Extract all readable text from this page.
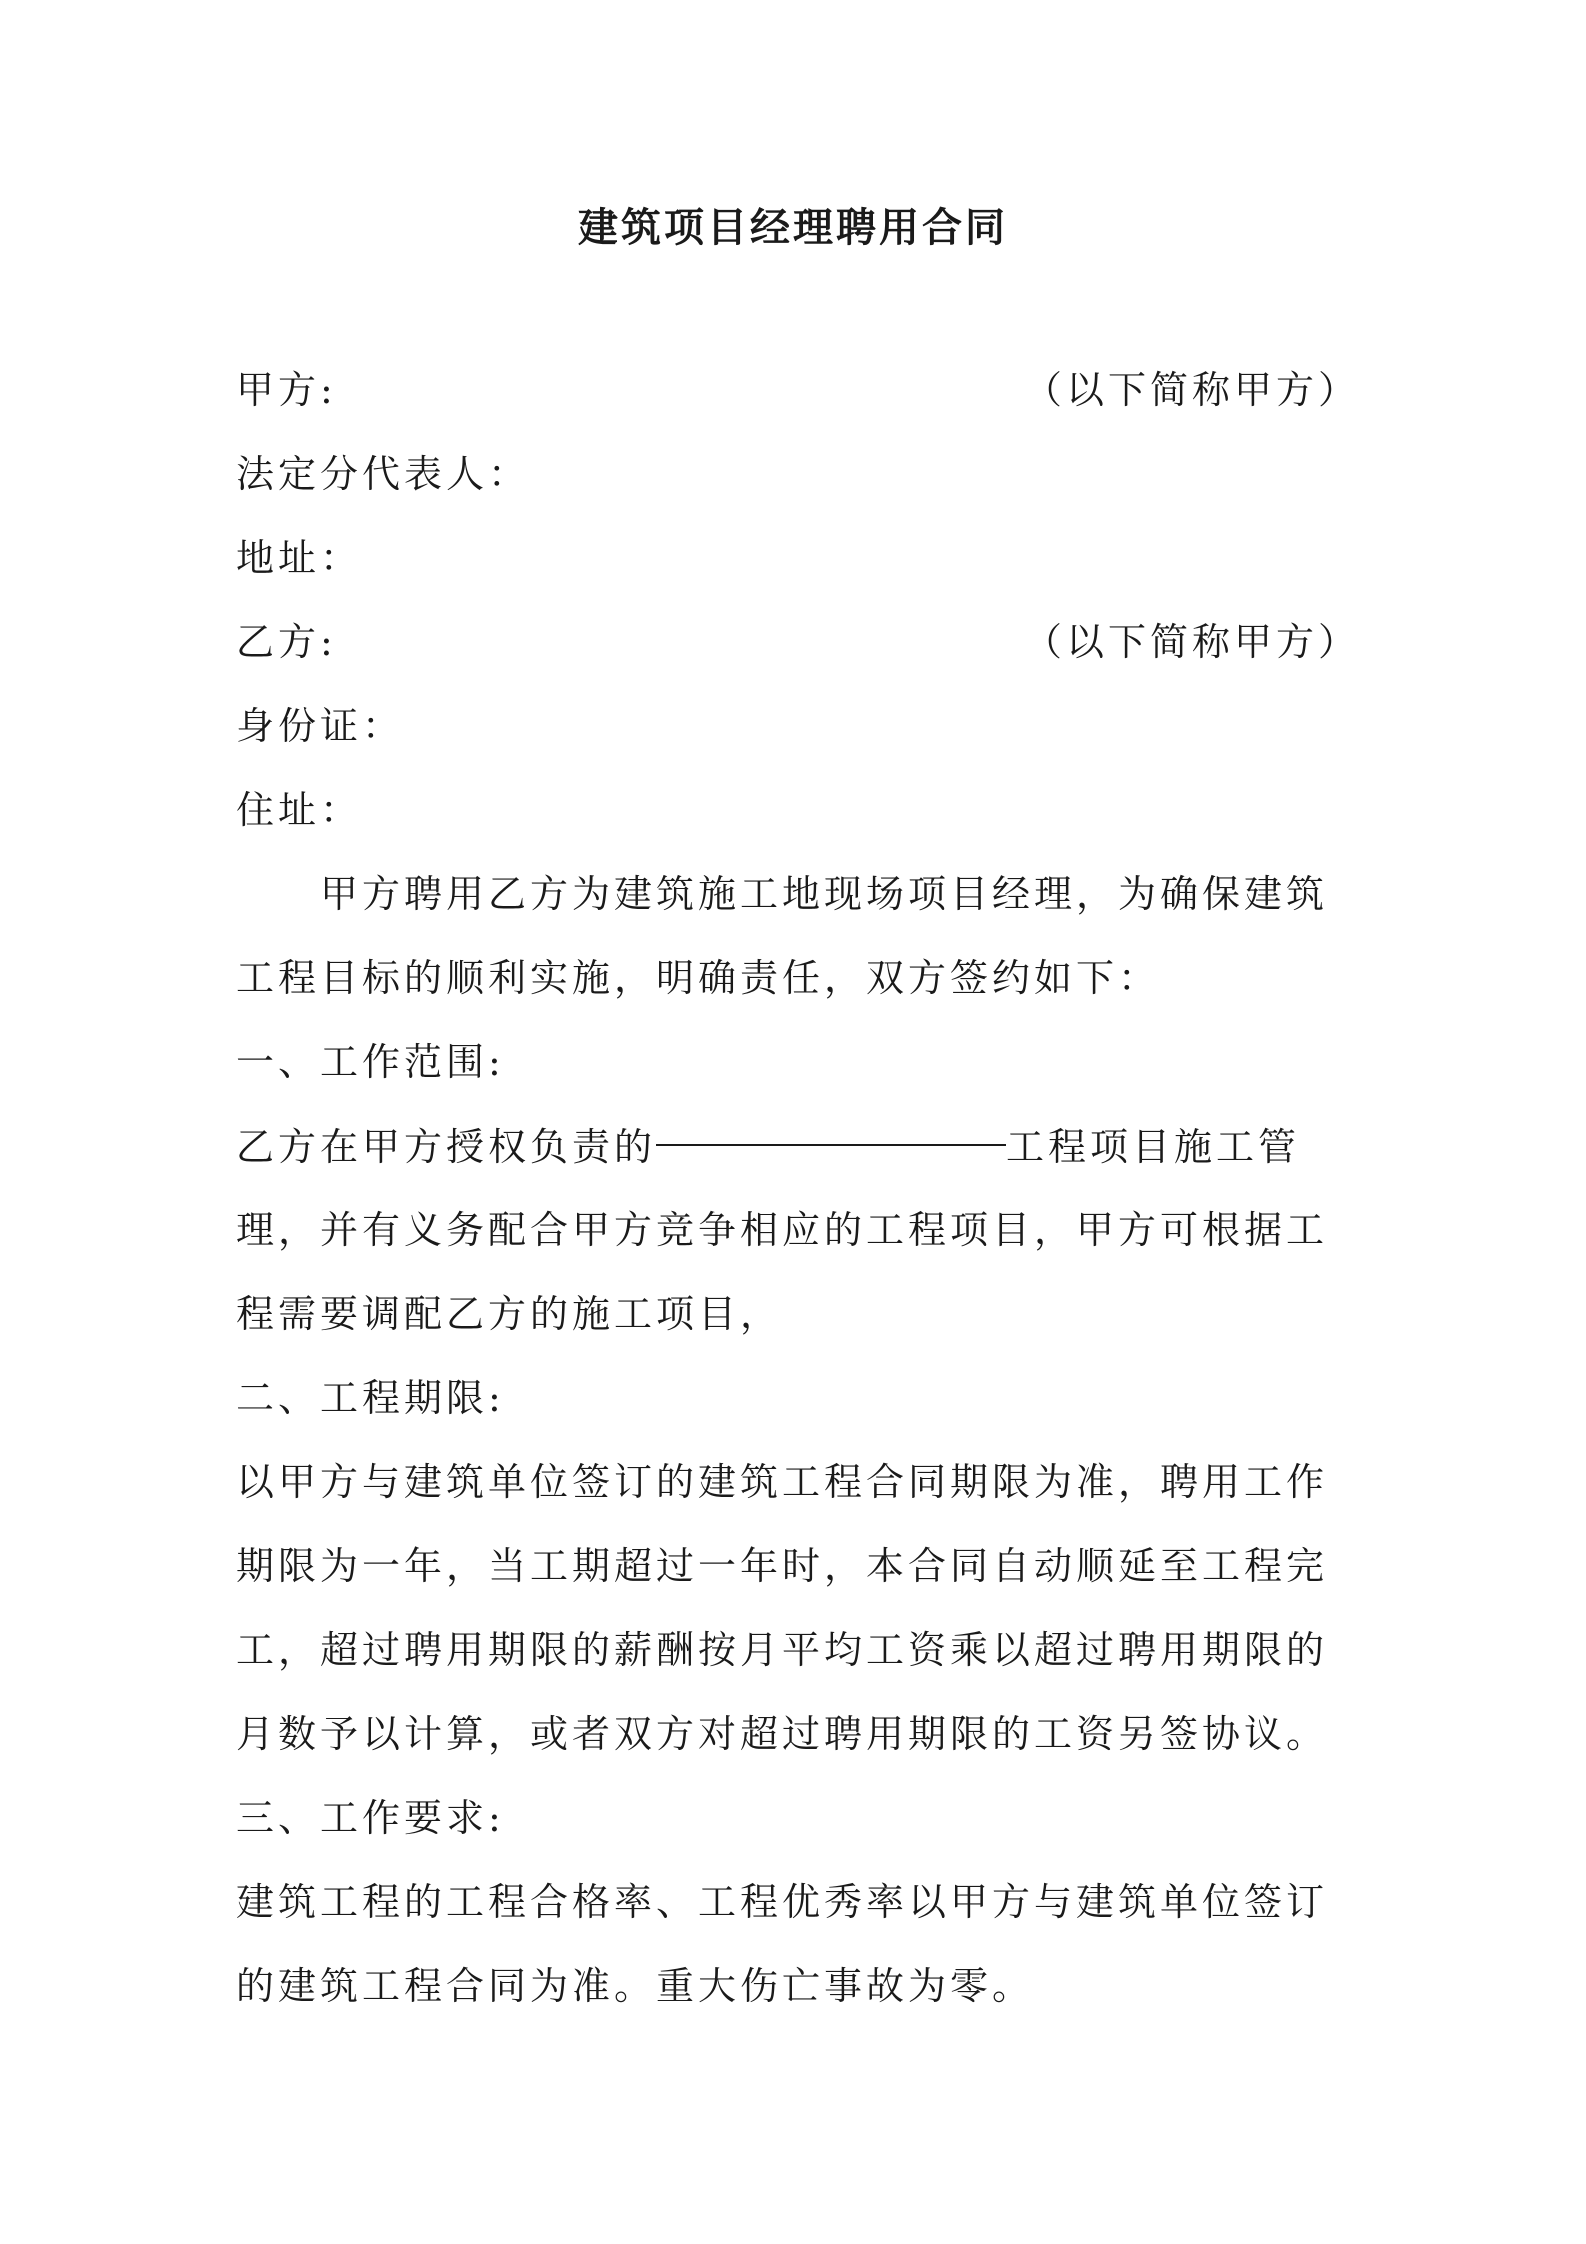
建筑项目经理聘用合同
甲方:	（以下简称甲方）
法定分代表人：
地址：
乙方:	（以下简称甲方）
身份证：
住址：
甲方聘用乙方为建筑施工地现场项目经理，为确保建筑
工程目标的顺利实施，明确责任，双方签约如下：
一、工作范围:
乙方在甲方授权负责的	工程项目施工管
理，并有义务配合甲方竞争相应的工程项目，甲方可根据工
程需要调配乙方的施工项目，
二、工程期限:
以甲方与建筑单位签订的建筑工程合同期限为准，聘用工作
期限为一年，当工期超过一年时，本合同自动顺延至工程完
工，超过聘用期限的薪酬按月平均工资乘以超过聘用期限的
月数予以计算，或者双方对超过聘用期限的工资另签协议。
三、工作要求:
建筑工程的工程合格率、工程优秀率以甲方与建筑单位签订
的建筑工程合同为准。重大伤亡事故为零。
